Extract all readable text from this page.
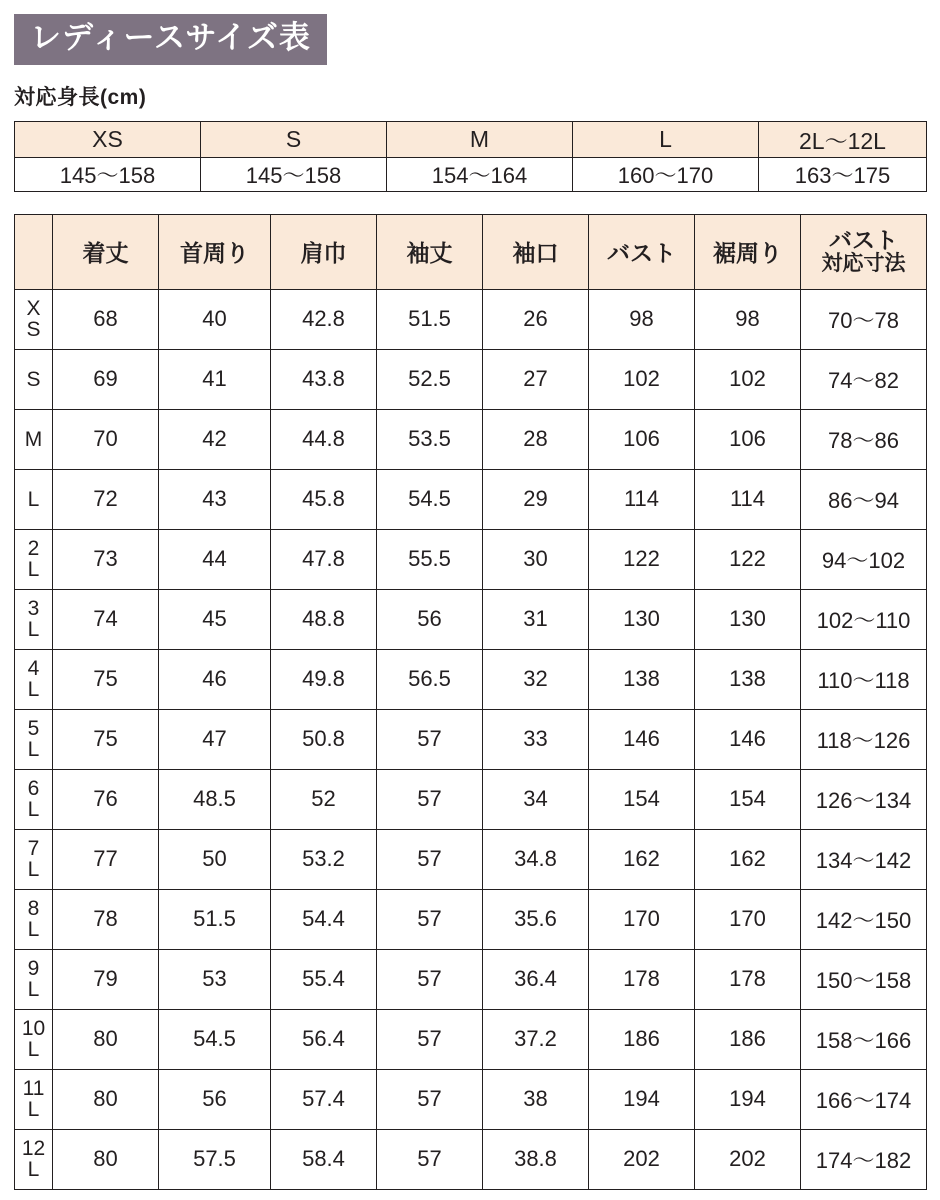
レディースサイズ表
対応身長(cm)
XS	S	M	L	2L〜12L
145〜158	145〜158	154〜164	160〜170	163〜175
	着丈	首周り	肩巾	袖丈	袖口	バスト	裾周り	バスト
対応寸法

X
S	68	40	42.8	51.5	26	98	98	70〜78

S	69	41	43.8	52.5	27	102	102	74〜82

M	70	42	44.8	53.5	28	106	106	78〜86

L	72	43	45.8	54.5	29	114	114	86〜94

2
L	73	44	47.8	55.5	30	122	122	94〜102

3
L	74	45	48.8	56	31	130	130	102〜110

4
L	75	46	49.8	56.5	32	138	138	110〜118

5
L	75	47	50.8	57	33	146	146	118〜126

6
L	76	48.5	52	57	34	154	154	126〜134

7
L	77	50	53.2	57	34.8	162	162	134〜142

8
L	78	51.5	54.4	57	35.6	170	170	142〜150

9
L	79	53	55.4	57	36.4	178	178	150〜158

10
L	80	54.5	56.4	57	37.2	186	186	158〜166

11
L	80	56	57.4	57	38	194	194	166〜174

12
L	80	57.5	58.4	57	38.8	202	202	174〜182
